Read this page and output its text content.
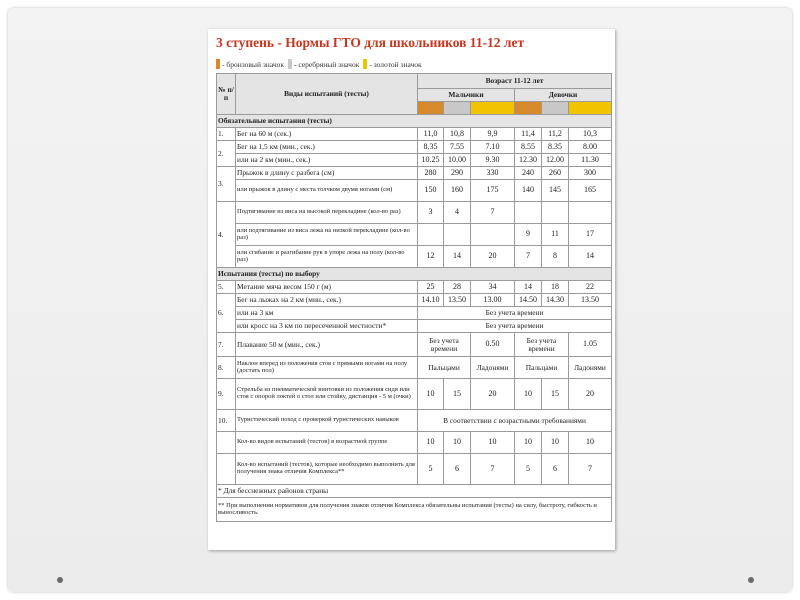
3 ступень - Нормы ГТО для школьников 11-12 лет
- бронзовый значок - серебряный значок - золотой значок
№ п/п	Виды испытаний (тесты)	Возраст 11-12 лет					
		Мальчики			Девочки		

Обязательные испытания (тесты)							
1.	Бег на 60 м (сек.)	11,0	10,8	9,9	11,4	11,2	10,3
2.	Бег на 1,5 км (мин., сек.)	8.35	7.55	7.10	8.55	8.35	8.00
	или на 2 км (мин., сек.)	10.25	10.00	9.30	12.30	12.00	11.30
3.	Прыжок в длину с разбега (см)	280	290	330	240	260	300
	или прыжок в длину с места толчком двумя ногами (см)	150	160	175	140	145	165
4.	Подтягивание из виса на высокой перекладине (кол-во раз)	3	4	7			
	или подтягивание из виса лежа на низкой перекладине (кол-во раз)				9	11	17
	или сгибание и разгибание рук в упоре лежа на полу (кол-во раз)	12	14	20	7	8	14
Испытания (тесты) по выбору							
5.	Метание мяча весом 150 г (м)	25	28	34	14	18	22
6.	Бег на лыжах на 2 км (мин., сек.)	14.10	13.50	13.00	14.50	14.30	13.50
	или на 3 км	Без учета времени					
	или кросс на 3 км по пересеченной местности*	Без учета времени					
7.	Плавание 50 м (мин., сек.)	Без учета времени		0.50	Без учета времени		1.05
8.	Наклон вперед из положения стоя с прямыми ногами на полу (достать пол)	Пальцами		Ладонями	Пальцами		Ладонями
9.	Стрельба из пневматической винтовки из положения сидя или стоя с опорой локтей о стол или стойку, дистанция - 5 м (очки)	10	15	20	10	15	20
10.	Туристический поход с проверкой туристических навыков	В соответствии с возрастными требованиями					
	Кол-во видов испытаний (тестов) в возрастной группе	10	10	10	10	10	10
	Кол-во испытаний (тестов), которые необходимо выполнить для получения знака отличия Комплекса**	5	6	7	5	6	7
* Для бесснежных районов страны							
** При выполнении нормативов для получения знаков отличия Комплекса обязательны испытания (тесты) на силу, быстроту, гибкость и выносливость.							
